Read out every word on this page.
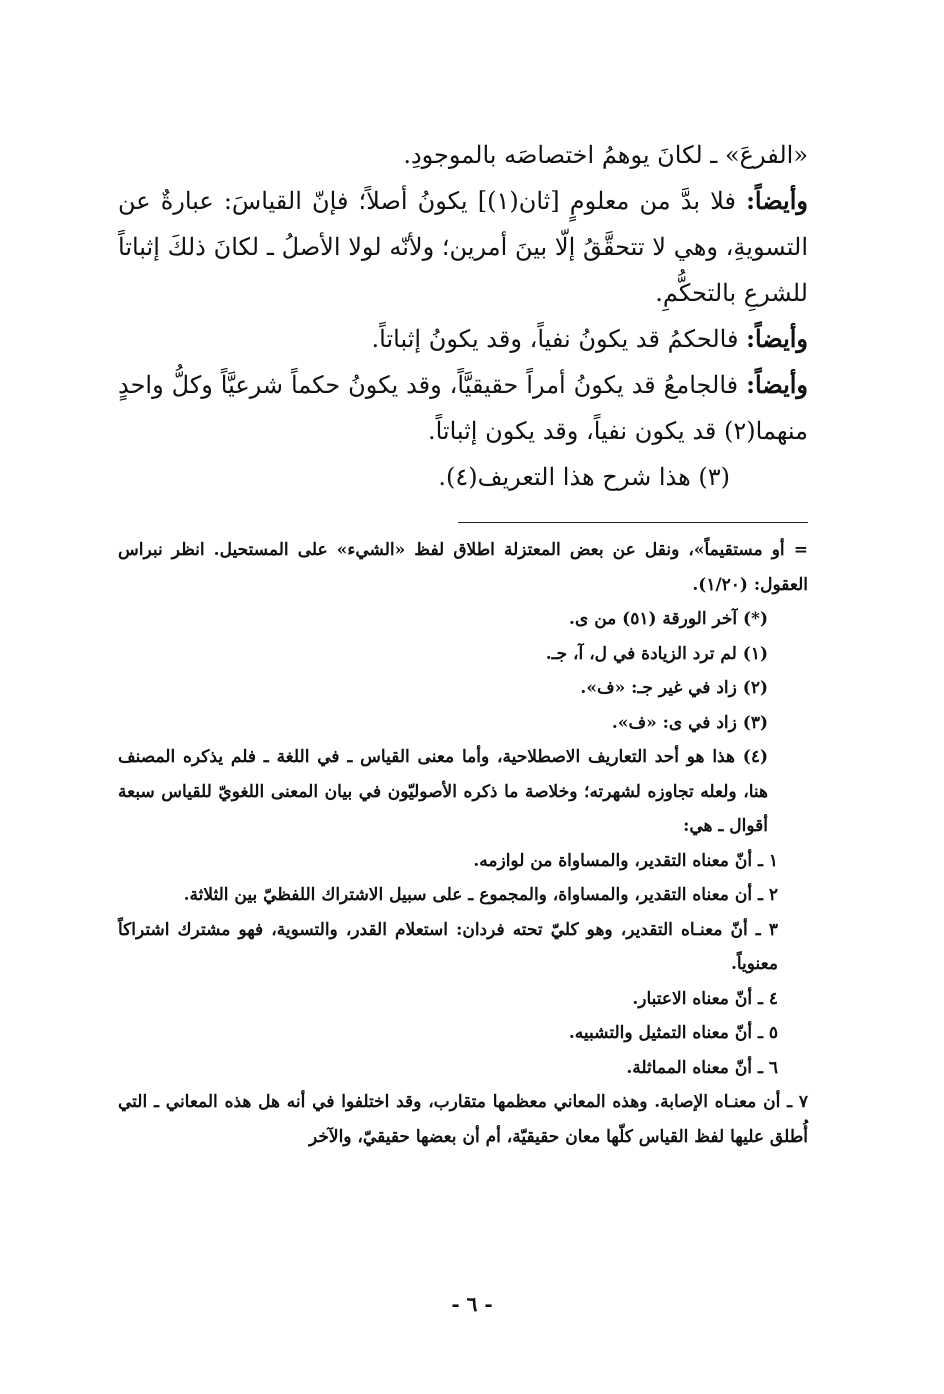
«الفرعَ» ـ لكانَ يوهمُ اختصاصَه بالموجودِ.

وأيضاً: فلا بدَّ من معلومٍ [ثان(١)] يكونُ أصلاً؛ فإنّ القياسَ: عبارةٌ عن التسويةِ، وهي لا تتحقَّقُ إلّا بينَ أمرين؛ ولأنّه لولا الأصلُ ـ لكانَ ذلكَ إثباتاً للشرعِ بالتحكُّمِ.

وأيضاً: فالحكمُ قد يكونُ نفياً، وقد يكونُ إثباتاً.

وأيضاً: فالجامعُ قد يكونُ أمراً حقيقيَّاً، وقد يكونُ حكماً شرعيَّاً وكلُّ واحدٍ منهما(٢) قد يكون نفياً، وقد يكون إثباتاً.

(٣) هذا شرح هذا التعريف(٤).

= أو مستقيماً»، ونقل عن بعض المعتزلة اطلاق لفظ «الشيء» على المستحيل. انظر نبراس العقول: (١/٢٠).

(*) آخر الورقة (٥١) من ى.

(١) لم ترد الزيادة في ل، آ، جـ.

(٢) زاد في غير جـ: «ف».

(٣) زاد في ى: «ف».

(٤) هذا هو أحد التعاريف الاصطلاحية، وأما معنى القياس ـ في اللغة ـ فلم يذكره المصنف هنا، ولعله تجاوزه لشهرته؛ وخلاصة ما ذكره الأصوليّون في بيان المعنى اللغويّ للقياس سبعة أقوال ـ هي:

١ ـ أنّ معناه التقدير، والمساواة من لوازمه.

٢ ـ أن معناه التقدير، والمساواة، والمجموع ـ على سبيل الاشتراك اللفظيّ بين الثلاثة.

٣ ـ أنّ معنـاه التقدير، وهو كليّ تحته فردان: استعلام القدر، والتسوية، فهو مشترك اشتراكاً معنوياً.

٤ ـ أنّ معناه الاعتبار.

٥ ـ أنّ معناه التمثيل والتشبيه.

٦ ـ أنّ معناه المماثلة.

٧ ـ أن معنـاه الإصابة. وهذه المعاني معظمها متقارب، وقد اختلفوا في أنه هل هذه المعاني ـ التي أُطلق عليها لفظ القياس كلّها معان حقيقيّة، أم أن بعضها حقيقيّ، والآخر

- ٦ -
